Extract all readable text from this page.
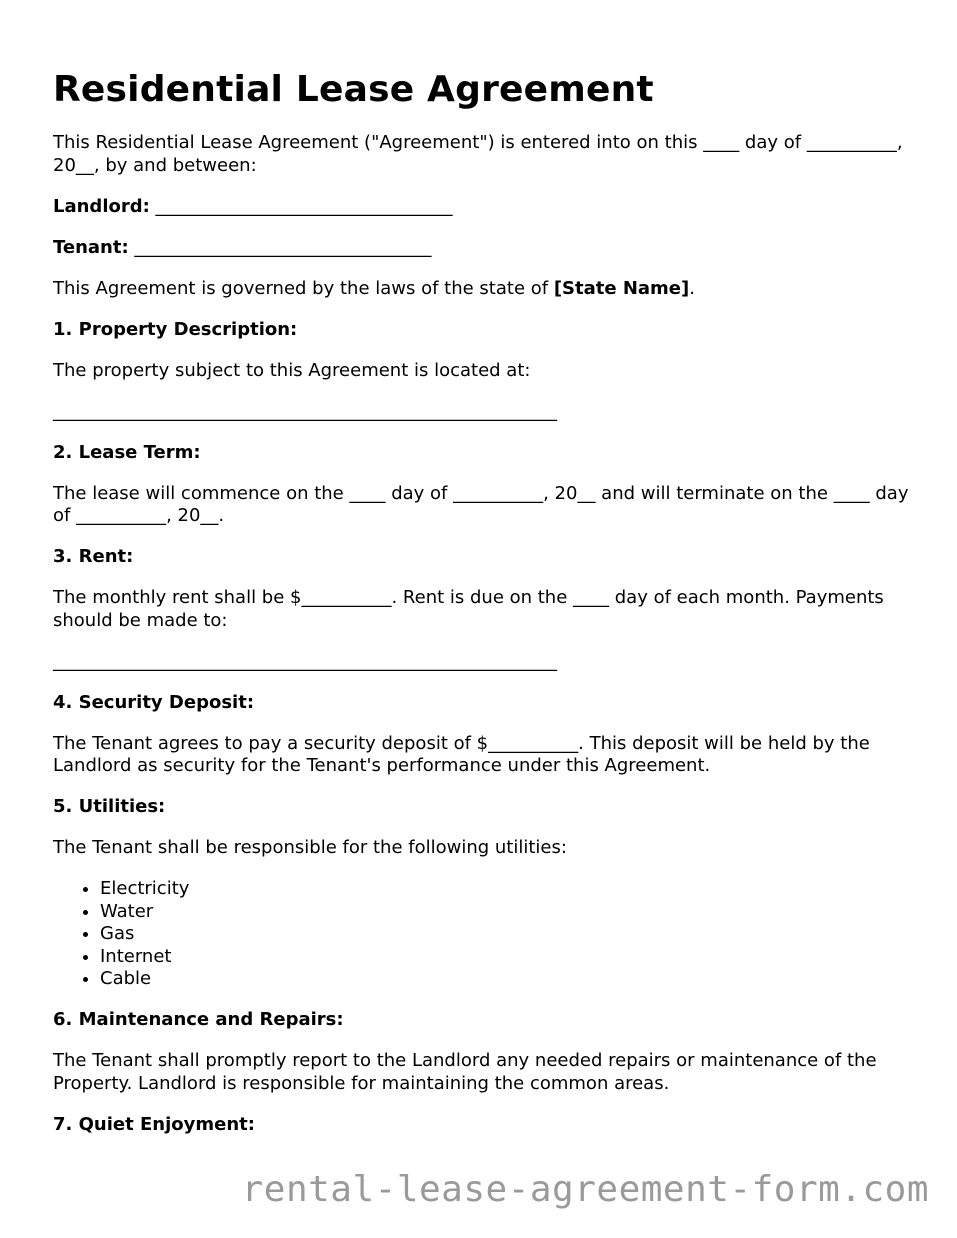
Residential Lease Agreement

This Residential Lease Agreement ("Agreement") is entered into on this ____ day of __________, 20__, by and between:

Landlord: _________________________________

Tenant: _________________________________

This Agreement is governed by the laws of the state of [State Name].

1. Property Description:

The property subject to this Agreement is located at:

________________________________________________________
2. Lease Term:

The lease will commence on the ____ day of __________, 20__ and will terminate on the ____ day of __________, 20__.

3. Rent:

The monthly rent shall be $__________. Rent is due on the ____ day of each month. Payments should be made to:

________________________________________________________
4. Security Deposit:

The Tenant agrees to pay a security deposit of $__________. This deposit will be held by the Landlord as security for the Tenant's performance under this Agreement.

5. Utilities:

The Tenant shall be responsible for the following utilities:

• Electricity
• Water
• Gas
• Internet
• Cable
6. Maintenance and Repairs:

The Tenant shall promptly report to the Landlord any needed repairs or maintenance of the Property. Landlord is responsible for maintaining the common areas.

7. Quiet Enjoyment:
rental-lease-agreement-form.com
